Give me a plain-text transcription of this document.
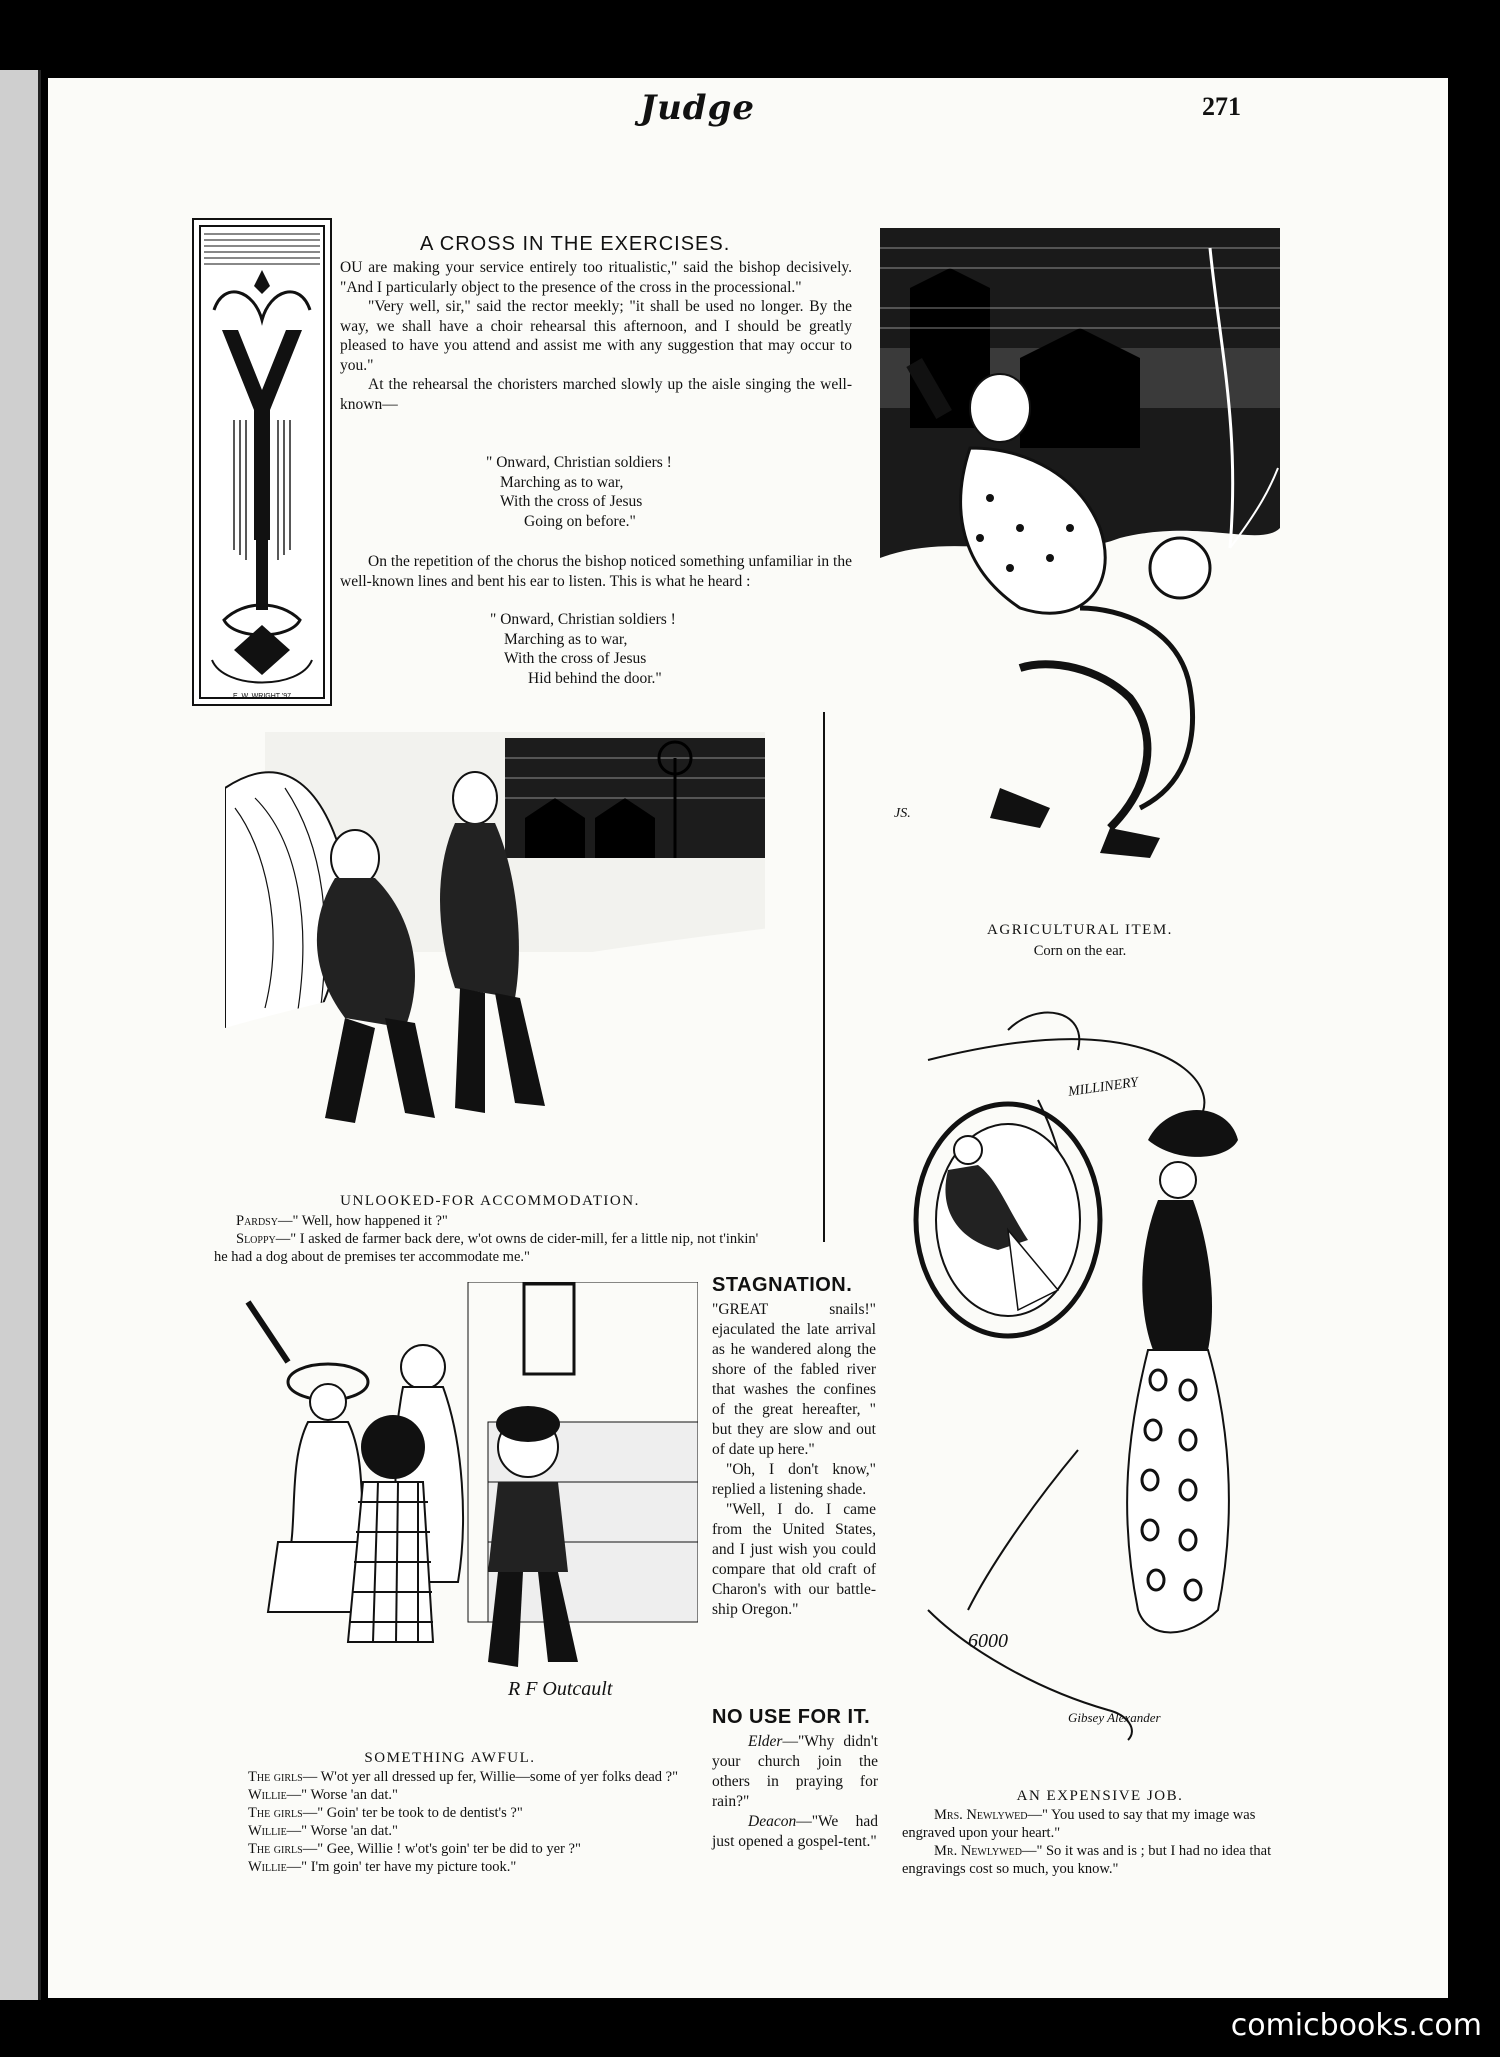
Judge	271
E. W. WRIGHT '97
A CROSS IN THE EXERCISES.

OU are making your service entirely too ritualistic," said the bishop decisively. "And I particularly object to the presence of the cross in the processional."

"Very well, sir," said the rector meekly; "it shall be used no longer. By the way, we shall have a choir rehearsal this afternoon, and I should be greatly pleased to have you attend and assist me with any suggestion that may occur to you."

At the rehearsal the choristers marched slowly up the aisle singing the well-known—

" Onward, Christian soldiers !
Marching as to war,
With the cross of Jesus
Going on before."

On the repetition of the chorus the bishop noticed something unfamiliar in the well-known lines and bent his ear to listen. This is what he heard :

" Onward, Christian soldiers !
Marching as to war,
With the cross of Jesus
Hid behind the door."
JS.
AGRICULTURAL ITEM.
Corn on the ear.
UNLOOKED-FOR ACCOMMODATION.
Pardsy—" Well, how happened it ?"
Sloppy—" I asked de farmer back dere, w'ot owns de cider-mill, fer a little nip, not t'inkin' he had a dog about de premises ter accommodate me."
R F Outcault
SOMETHING AWFUL.
The girls— W'ot yer all dressed up fer, Willie—some of yer folks dead ?"
Willie—" Worse 'an dat."
The girls—" Goin' ter be took to de dentist's ?"
Willie—" Worse 'an dat."
The girls—" Gee, Willie ! w'ot's goin' ter be did to yer ?"
Willie—" I'm goin' ter have my picture took."
STAGNATION.

"GREAT snails!" ejaculated the late arrival as he wandered along the shore of the fabled river that washes the confines of the great hereafter, " but they are slow and out of date up here."

"Oh, I don't know," replied a listening shade.

"Well, I do. I came from the United States, and I just wish you could compare that old craft of Charon's with our battle-ship Oregon."

NO USE FOR IT.

Elder—"Why didn't your church join the others in praying for rain?"

Deacon—"We had just opened a gospel-tent."

MILLINERY
6000
Gibsey Alexander
AN EXPENSIVE JOB.
Mrs. Newlywed—" You used to say that my image was engraved upon your heart."
Mr. Newlywed—" So it was and is ; but I had no idea that engravings cost so much, you know."
comicbooks.com
